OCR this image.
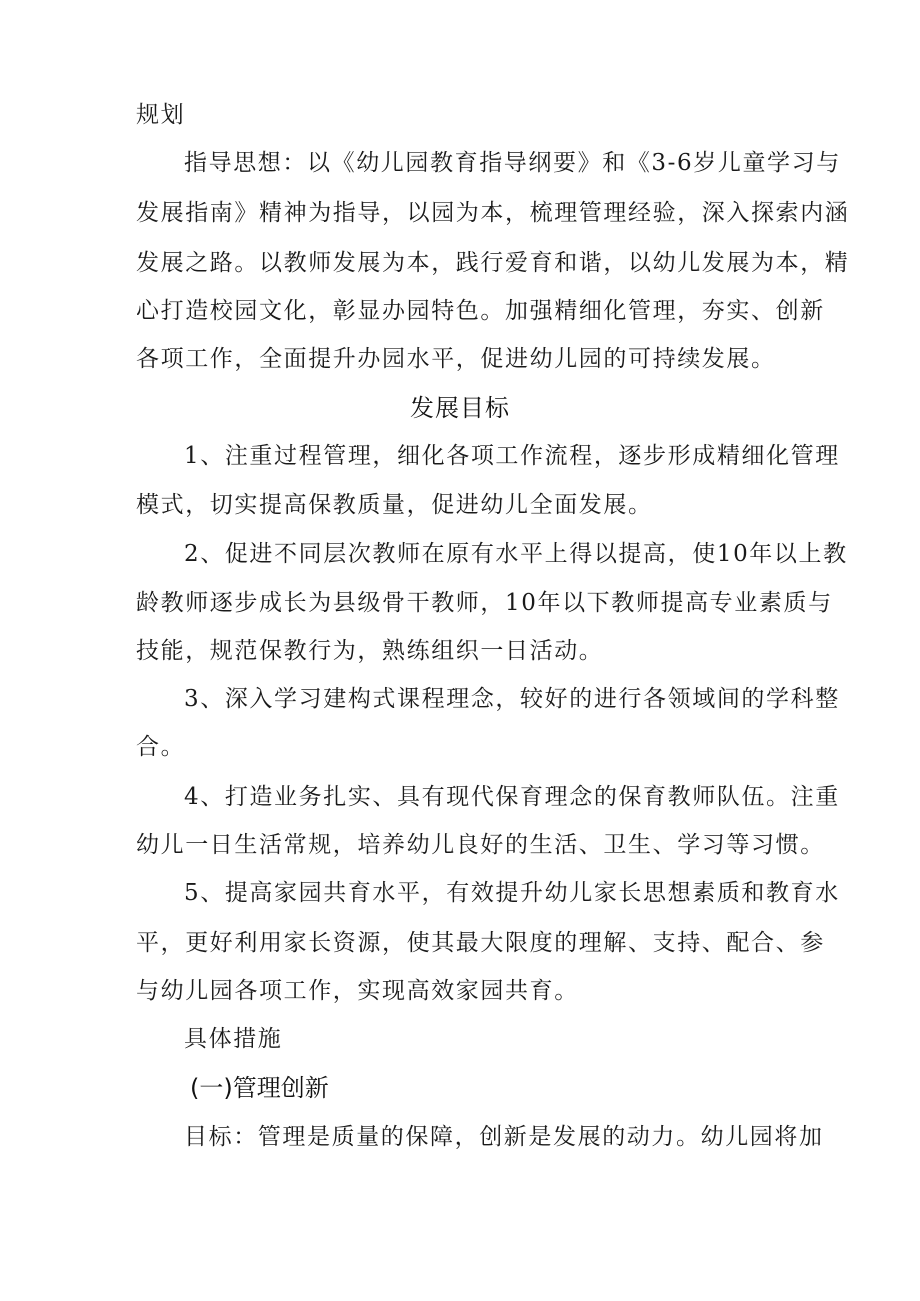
规划
指导思想：以《幼儿园教育指导纲要》和《3-6岁儿童学习与
发展指南》精神为指导，以园为本，梳理管理经验，深入探索内涵
发展之路。以教师发展为本，践行爱育和谐，以幼儿发展为本，精
心打造校园文化，彰显办园特色。加强精细化管理，夯实、创新
各项工作，全面提升办园水平，促进幼儿园的可持续发展。
发展目标
1、注重过程管理，细化各项工作流程，逐步形成精细化管理
模式，切实提高保教质量，促进幼儿全面发展。
2、促进不同层次教师在原有水平上得以提高，使10年以上教
龄教师逐步成长为县级骨干教师，10年以下教师提高专业素质与
技能，规范保教行为，熟练组织一日活动。
3、深入学习建构式课程理念，较好的进行各领域间的学科整
合。
4、打造业务扎实、具有现代保育理念的保育教师队伍。注重
幼儿一日生活常规，培养幼儿良好的生活、卫生、学习等习惯。
5、提高家园共育水平，有效提升幼儿家长思想素质和教育水
平，更好利用家长资源，使其最大限度的理解、支持、配合、参
与幼儿园各项工作，实现高效家园共育。
具体措施
(一)管理创新
目标：管理是质量的保障，创新是发展的动力。幼儿园将加
